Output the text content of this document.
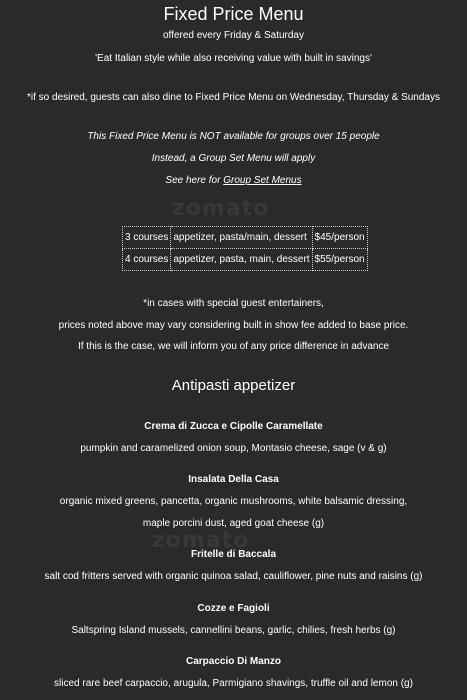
zomato
zomato
Fixed Price Menu
offered every Friday & Saturday
'Eat Italian style while also receiving value with built in savings'
*if so desired, guests can also dine to Fixed Price Menu on Wednesday, Thursday & Sundays
This Fixed Price Menu is NOT available for groups over 15 people
Instead, a Group Set Menu will apply
See here for Group Set Menus
3 courses	appetizer, pasta/main, dessert	$45/person
4 courses	appetizer, pasta, main, dessert	$55/person
*in cases with special guest entertainers,
prices noted above may vary considering built in show fee added to base price.
If this is the case, we will inform you of any price difference in advance
Antipasti appetizer
Crema di Zucca e Cipolle Caramellate
pumpkin and caramelized onion soup, Montasio cheese, sage (v & g)
Insalata Della Casa
organic mixed greens, pancetta, organic mushrooms, white balsamic dressing,
maple porcini dust, aged goat cheese (g)
Fritelle di Baccala
salt cod fritters served with organic quinoa salad, cauliflower, pine nuts and raisins (g)
Cozze e Fagioli
Saltspring Island mussels, cannellini beans, garlic, chilies, fresh herbs (g)
Carpaccio Di Manzo
sliced rare beef carpaccio, arugula, Parmigiano shavings, truffle oil and lemon (g)
